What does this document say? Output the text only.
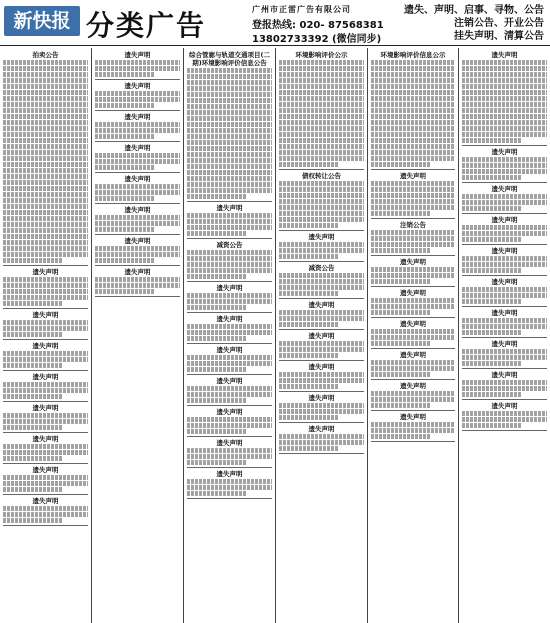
新快报 分类广告	广州市正雷广告有限公司
登报热线: 020- 87568381
13802733392 (微信同步)
遗失、声明、启事、寻物、公告
注销公告、开业公告
挂失声明、清算公告
拍卖公告
遗失声明
遗失声明
遗失声明
遗失声明
遗失声明
遗失声明
遗失声明
遗失声明
遗失声明
遗失声明
遗失声明
遗失声明
遗失声明
遗失声明
遗失声明
遗失声明
综合管廊与轨道交通项目(二期)环境影响评价信息公告
遗失声明
减资公告
遗失声明
遗失声明
遗失声明
遗失声明
遗失声明
遗失声明
遗失声明
环境影响评价公示
债权转让公告
遗失声明
减资公告
遗失声明
遗失声明
遗失声明
遗失声明
遗失声明
环境影响评价信息公示
遗失声明
注销公告
遗失声明
遗失声明
遗失声明
遗失声明
遗失声明
遗失声明
遗失声明
遗失声明
遗失声明
遗失声明
遗失声明
遗失声明
遗失声明
遗失声明
遗失声明
遗失声明
